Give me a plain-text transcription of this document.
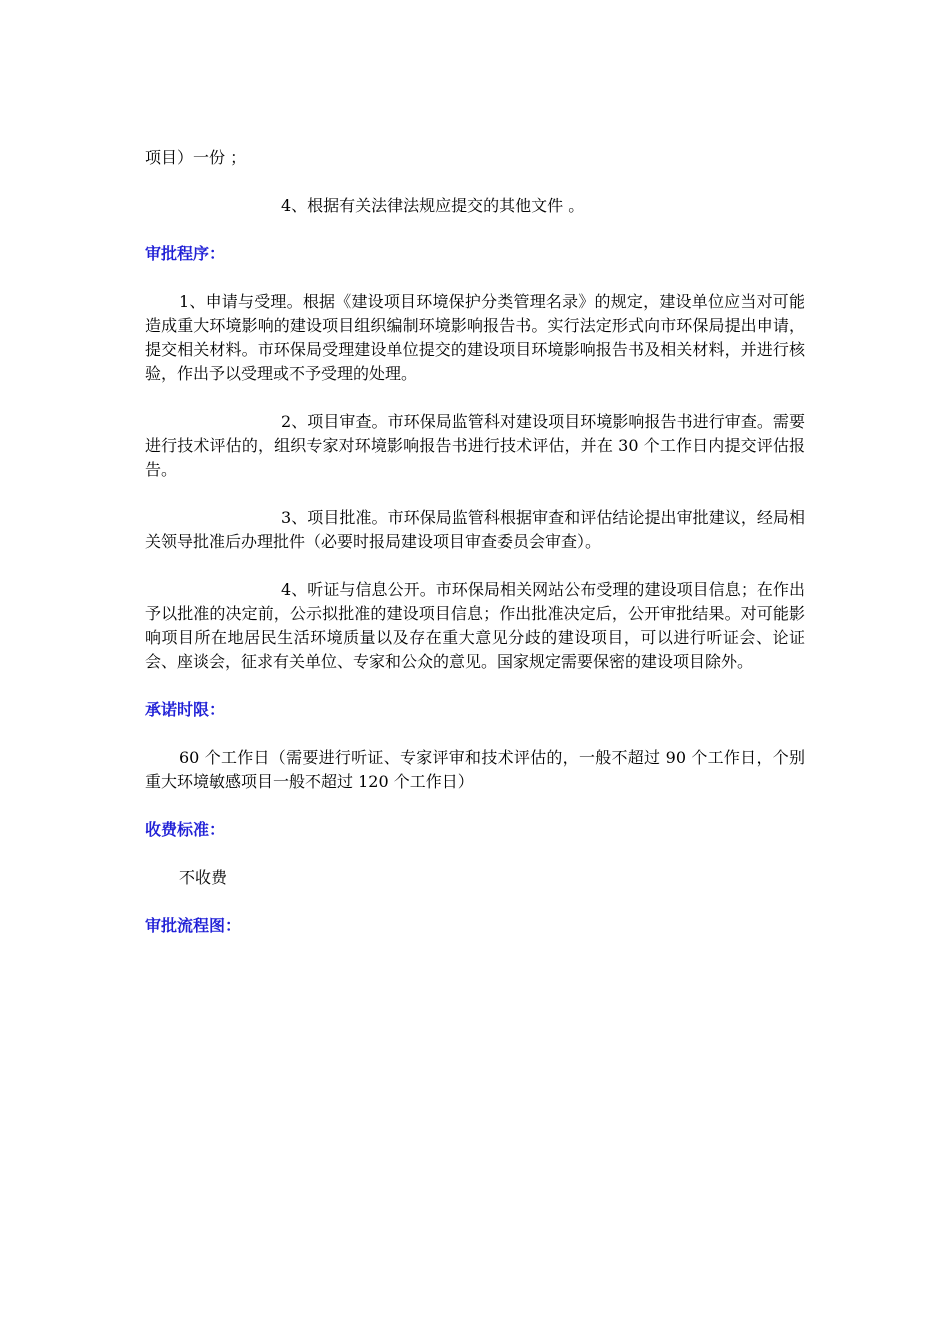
项目）一份 ；

4、根据有关法律法规应提交的其他文件 。

审批程序：

1、申请与受理。根据《建设项目环境保护分类管理名录》的规定，建设单位应当对可能造成重大环境影响的建设项目组织编制环境影响报告书。实行法定形式向市环保局提出申请，提交相关材料。市环保局受理建设单位提交的建设项目环境影响报告书及相关材料，并进行核验，作出予以受理或不予受理的处理。

2、项目审查。市环保局监管科对建设项目环境影响报告书进行审查。需要进行技术评估的，组织专家对环境影响报告书进行技术评估，并在 30 个工作日内提交评估报告。

3、项目批准。市环保局监管科根据审查和评估结论提出审批建议，经局相关领导批准后办理批件（必要时报局建设项目审查委员会审查）。

4、听证与信息公开。市环保局相关网站公布受理的建设项目信息；在作出予以批准的决定前，公示拟批准的建设项目信息；作出批准决定后，公开审批结果。对可能影响项目所在地居民生活环境质量以及存在重大意见分歧的建设项目，可以进行听证会、论证会、座谈会，征求有关单位、专家和公众的意见。国家规定需要保密的建设项目除外。

承诺时限：

60 个工作日（需要进行听证、专家评审和技术评估的，一般不超过 90 个工作日，个别重大环境敏感项目一般不超过 120 个工作日）

收费标准：

不收费

审批流程图：
